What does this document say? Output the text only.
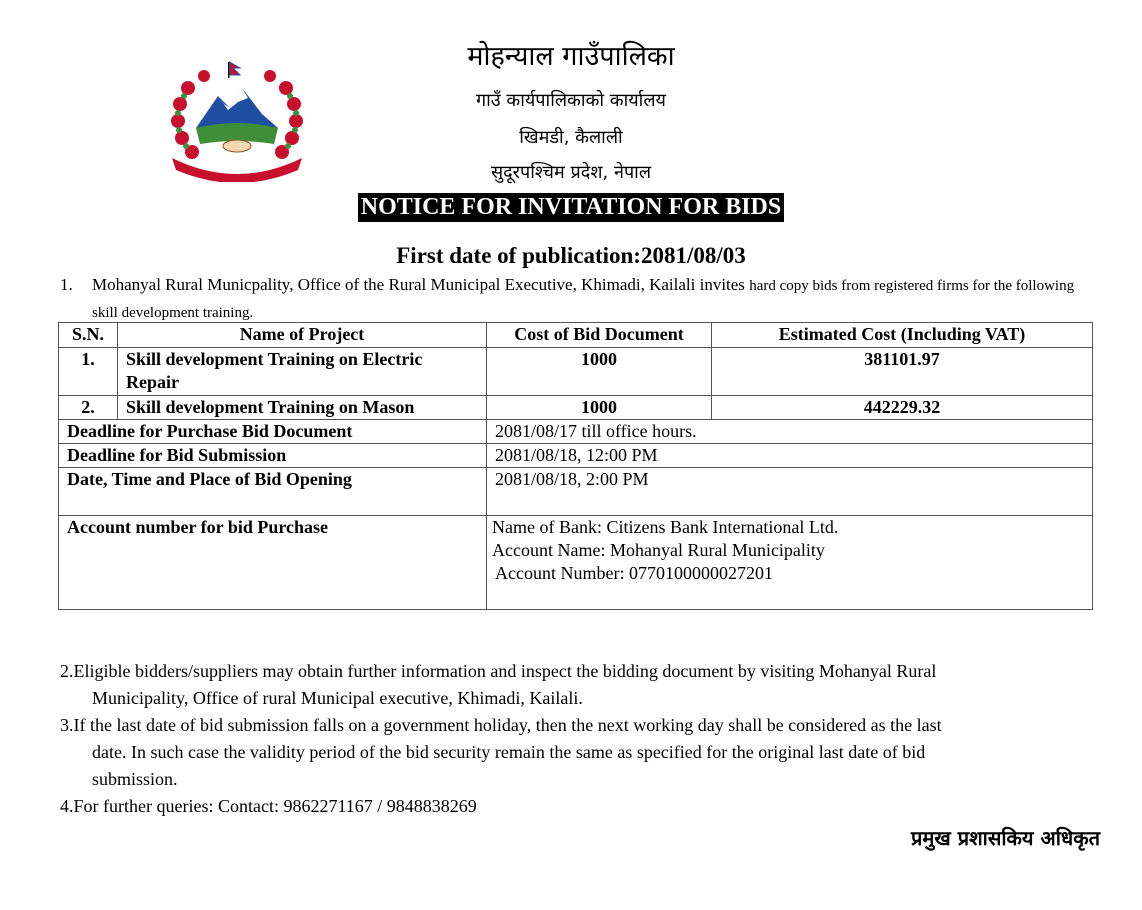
मोहन्याल गाउँपालिका
गाउँ कार्यपालिकाको कार्यालय
खिमडी, कैलाली
सुदूरपश्चिम प्रदेश, नेपाल
NOTICE FOR INVITATION FOR BIDS
First date of publication:2081/08/03
1. Mohanyal Rural Municpality, Office of the Rural Municipal Executive, Khimadi, Kailali invites hard copy bids from registered firms for the following skill development training.
S.N.	Name of Project	Cost of Bid Document	Estimated Cost (Including VAT)
1.	Skill development Training on Electric Repair	1000	381101.97
2.	Skill development Training on Mason	1000	442229.32
Deadline for Purchase Bid Document		2081/08/17 till office hours.	
Deadline for Bid Submission		2081/08/18, 12:00 PM	
Date, Time and Place of Bid Opening		2081/08/18, 2:00 PM	
Account number for bid Purchase		Name of Bank: Citizens Bank International Ltd.
Account Name: Mohanyal Rural Municipality
Account Number: 0770100000027201	
2.Eligible bidders/suppliers may obtain further information and inspect the bidding document by visiting Mohanyal Rural
Municipality, Office of rural Municipal executive, Khimadi, Kailali.
3.If the last date of bid submission falls on a government holiday, then the next working day shall be considered as the last
date. In such case the validity period of the bid security remain the same as specified for the original last date of bid
submission.
4.For further queries: Contact: 9862271167 / 9848838269
प्रमुख प्रशासकिय अधिकृत
